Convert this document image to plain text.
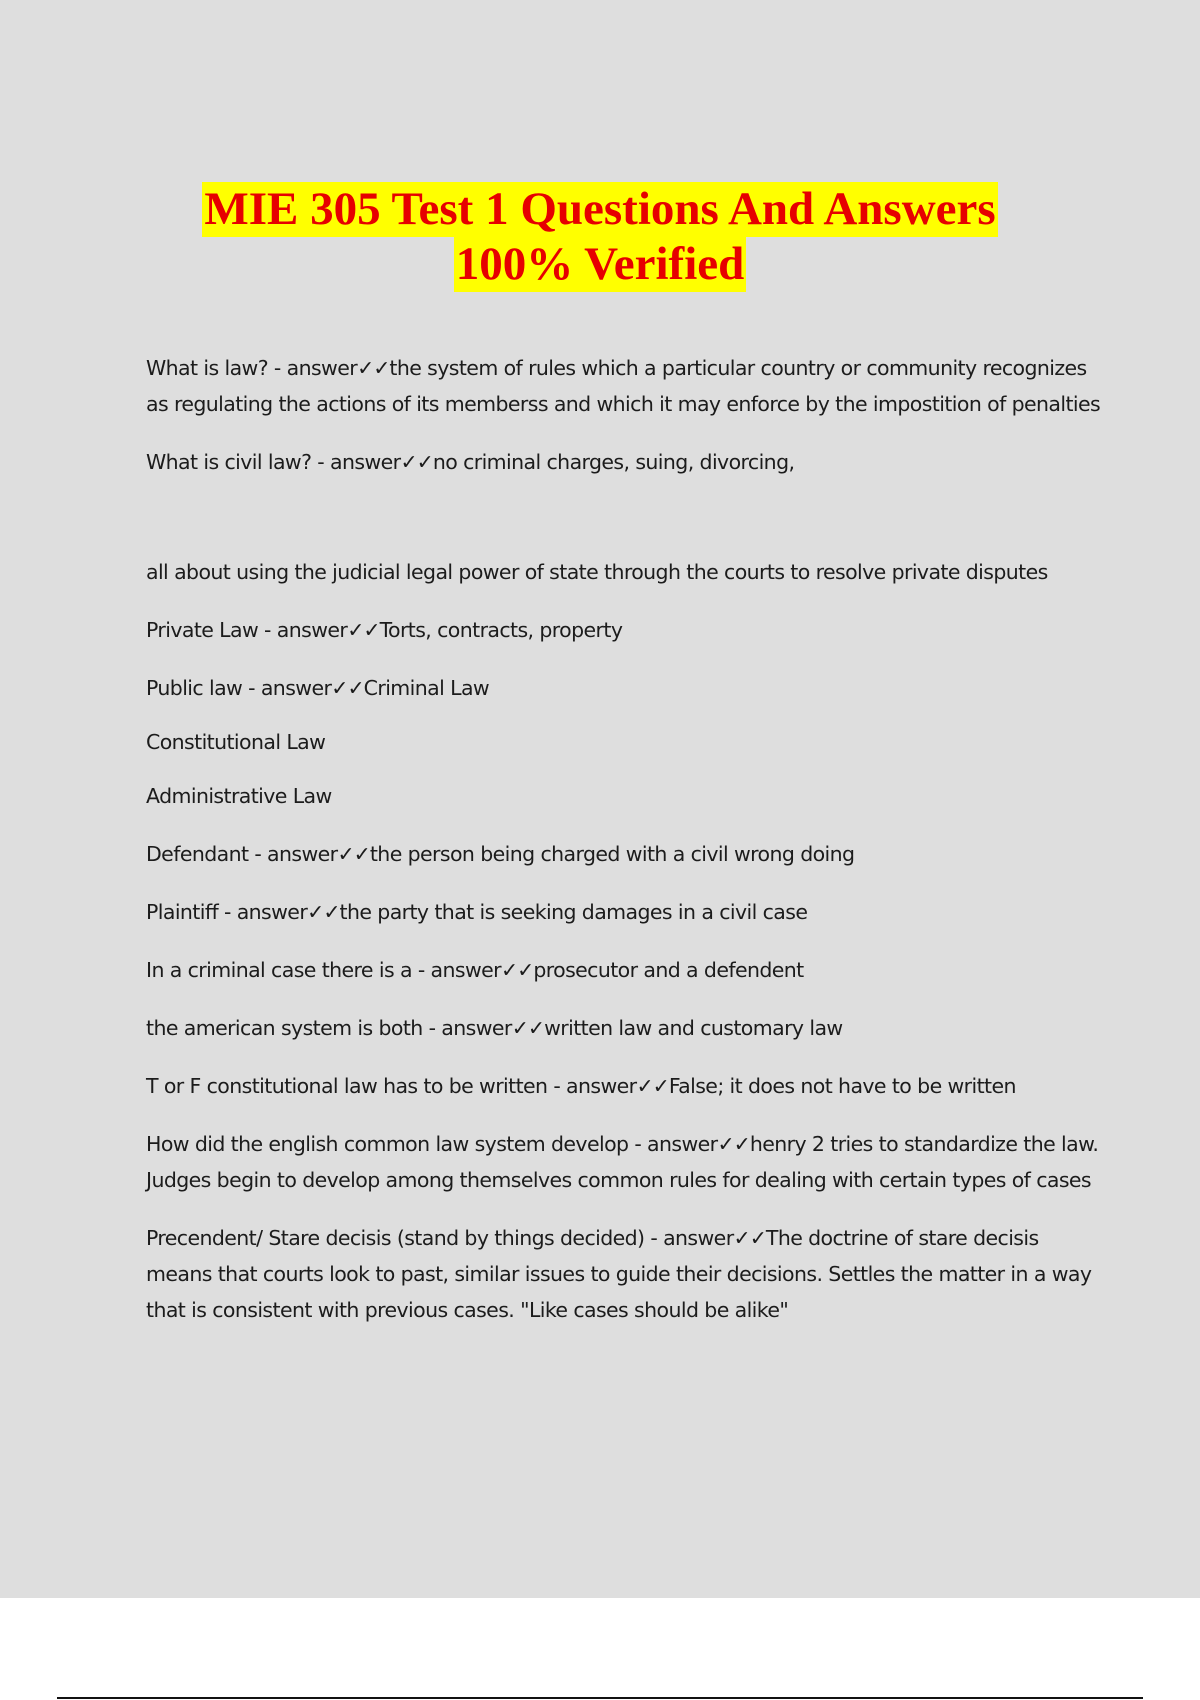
MIE 305 Test 1 Questions And Answers
100% Verified

What is law? - answer✓✓the system of rules which a particular country or community recognizes as regulating the actions of its memberss and which it may enforce by the impostition of penalties

What is civil law? - answer✓✓no criminal charges, suing, divorcing,

all about using the judicial legal power of state through the courts to resolve private disputes

Private Law - answer✓✓Torts, contracts, property

Public law - answer✓✓Criminal Law

Constitutional Law

Administrative Law

Defendant - answer✓✓the person being charged with a civil wrong doing

Plaintiff - answer✓✓the party that is seeking damages in a civil case

In a criminal case there is a - answer✓✓prosecutor and a defendent

the american system is both - answer✓✓written law and customary law

T or F constitutional law has to be written - answer✓✓False; it does not have to be written

How did the english common law system develop - answer✓✓henry 2 tries to standardize the law. Judges begin to develop among themselves common rules for dealing with certain types of cases

Precendent/ Stare decisis (stand by things decided) - answer✓✓The doctrine of stare decisis means that courts look to past, similar issues to guide their decisions. Settles the matter in a way that is consistent with previous cases. "Like cases should be alike"
